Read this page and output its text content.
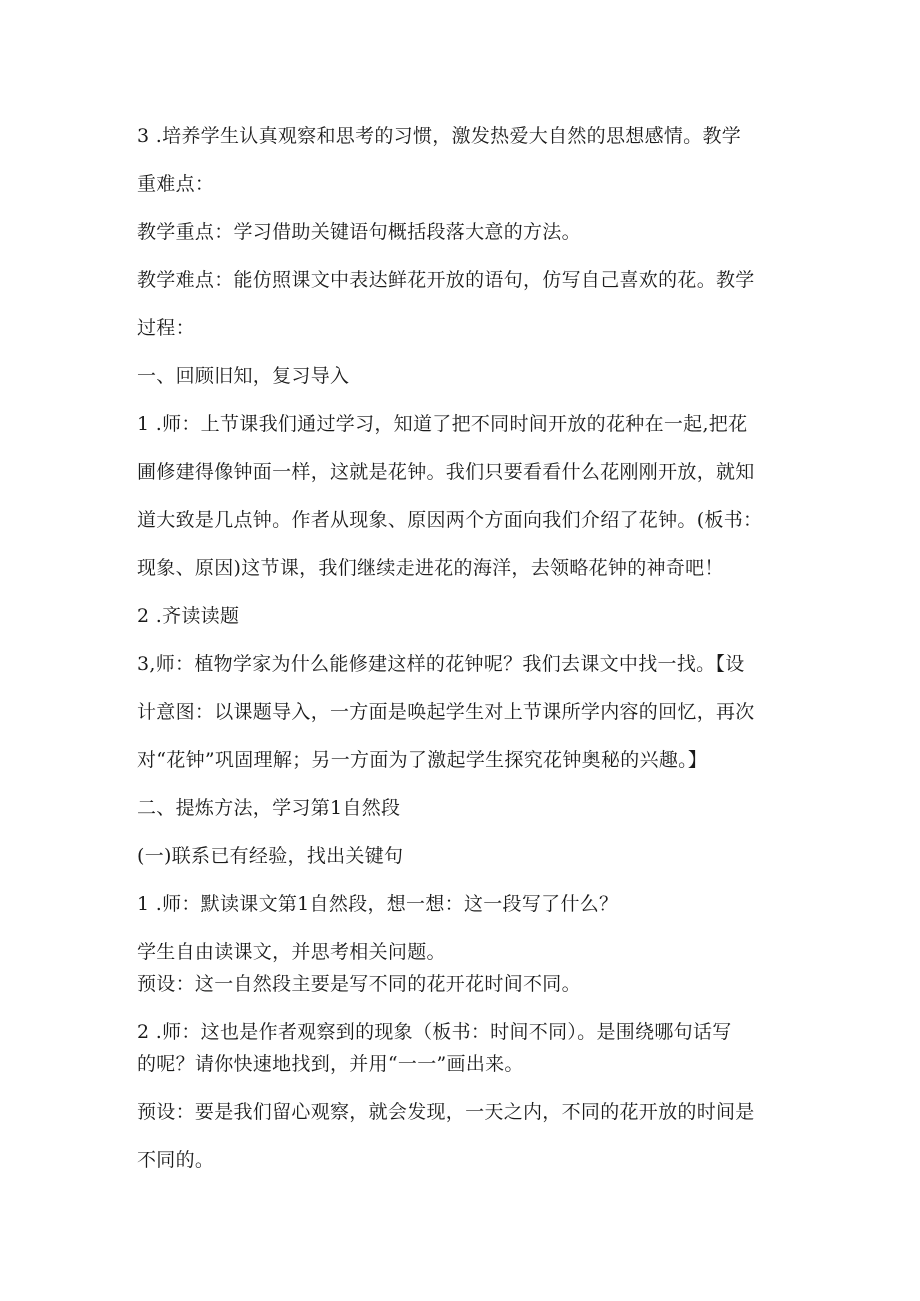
3 .培养学生认真观察和思考的习惯，激发热爱大自然的思想感情。教学
重难点：
教学重点：学习借助关键语句概括段落大意的方法。
教学难点：能仿照课文中表达鲜花开放的语句，仿写自己喜欢的花。教学
过程：
一、回顾旧知，复习导入
1 .师：上节课我们通过学习，知道了把不同时间开放的花种在一起,把花
圃修建得像钟面一样，这就是花钟。我们只要看看什么花刚刚开放，就知
道大致是几点钟。作者从现象、原因两个方面向我们介绍了花钟。(板书：
现象、原因)这节课，我们继续走进花的海洋，去领略花钟的神奇吧！
2 .齐读读题
3,师：植物学家为什么能修建这样的花钟呢？我们去课文中找一找。【设
计意图：以课题导入，一方面是唤起学生对上节课所学内容的回忆，再次
对“花钟”巩固理解；另一方面为了激起学生探究花钟奥秘的兴趣。】
二、提炼方法，学习第1自然段
(一)联系已有经验，找出关键句
1 .师：默读课文第1自然段，想一想：这一段写了什么？
学生自由读课文，并思考相关问题。
预设：这一自然段主要是写不同的花开花时间不同。
2 .师：这也是作者观察到的现象（板书：时间不同）。是围绕哪句话写
的呢？请你快速地找到，并用“一一”画出来。
预设：要是我们留心观察，就会发现，一天之内，不同的花开放的时间是
不同的。
